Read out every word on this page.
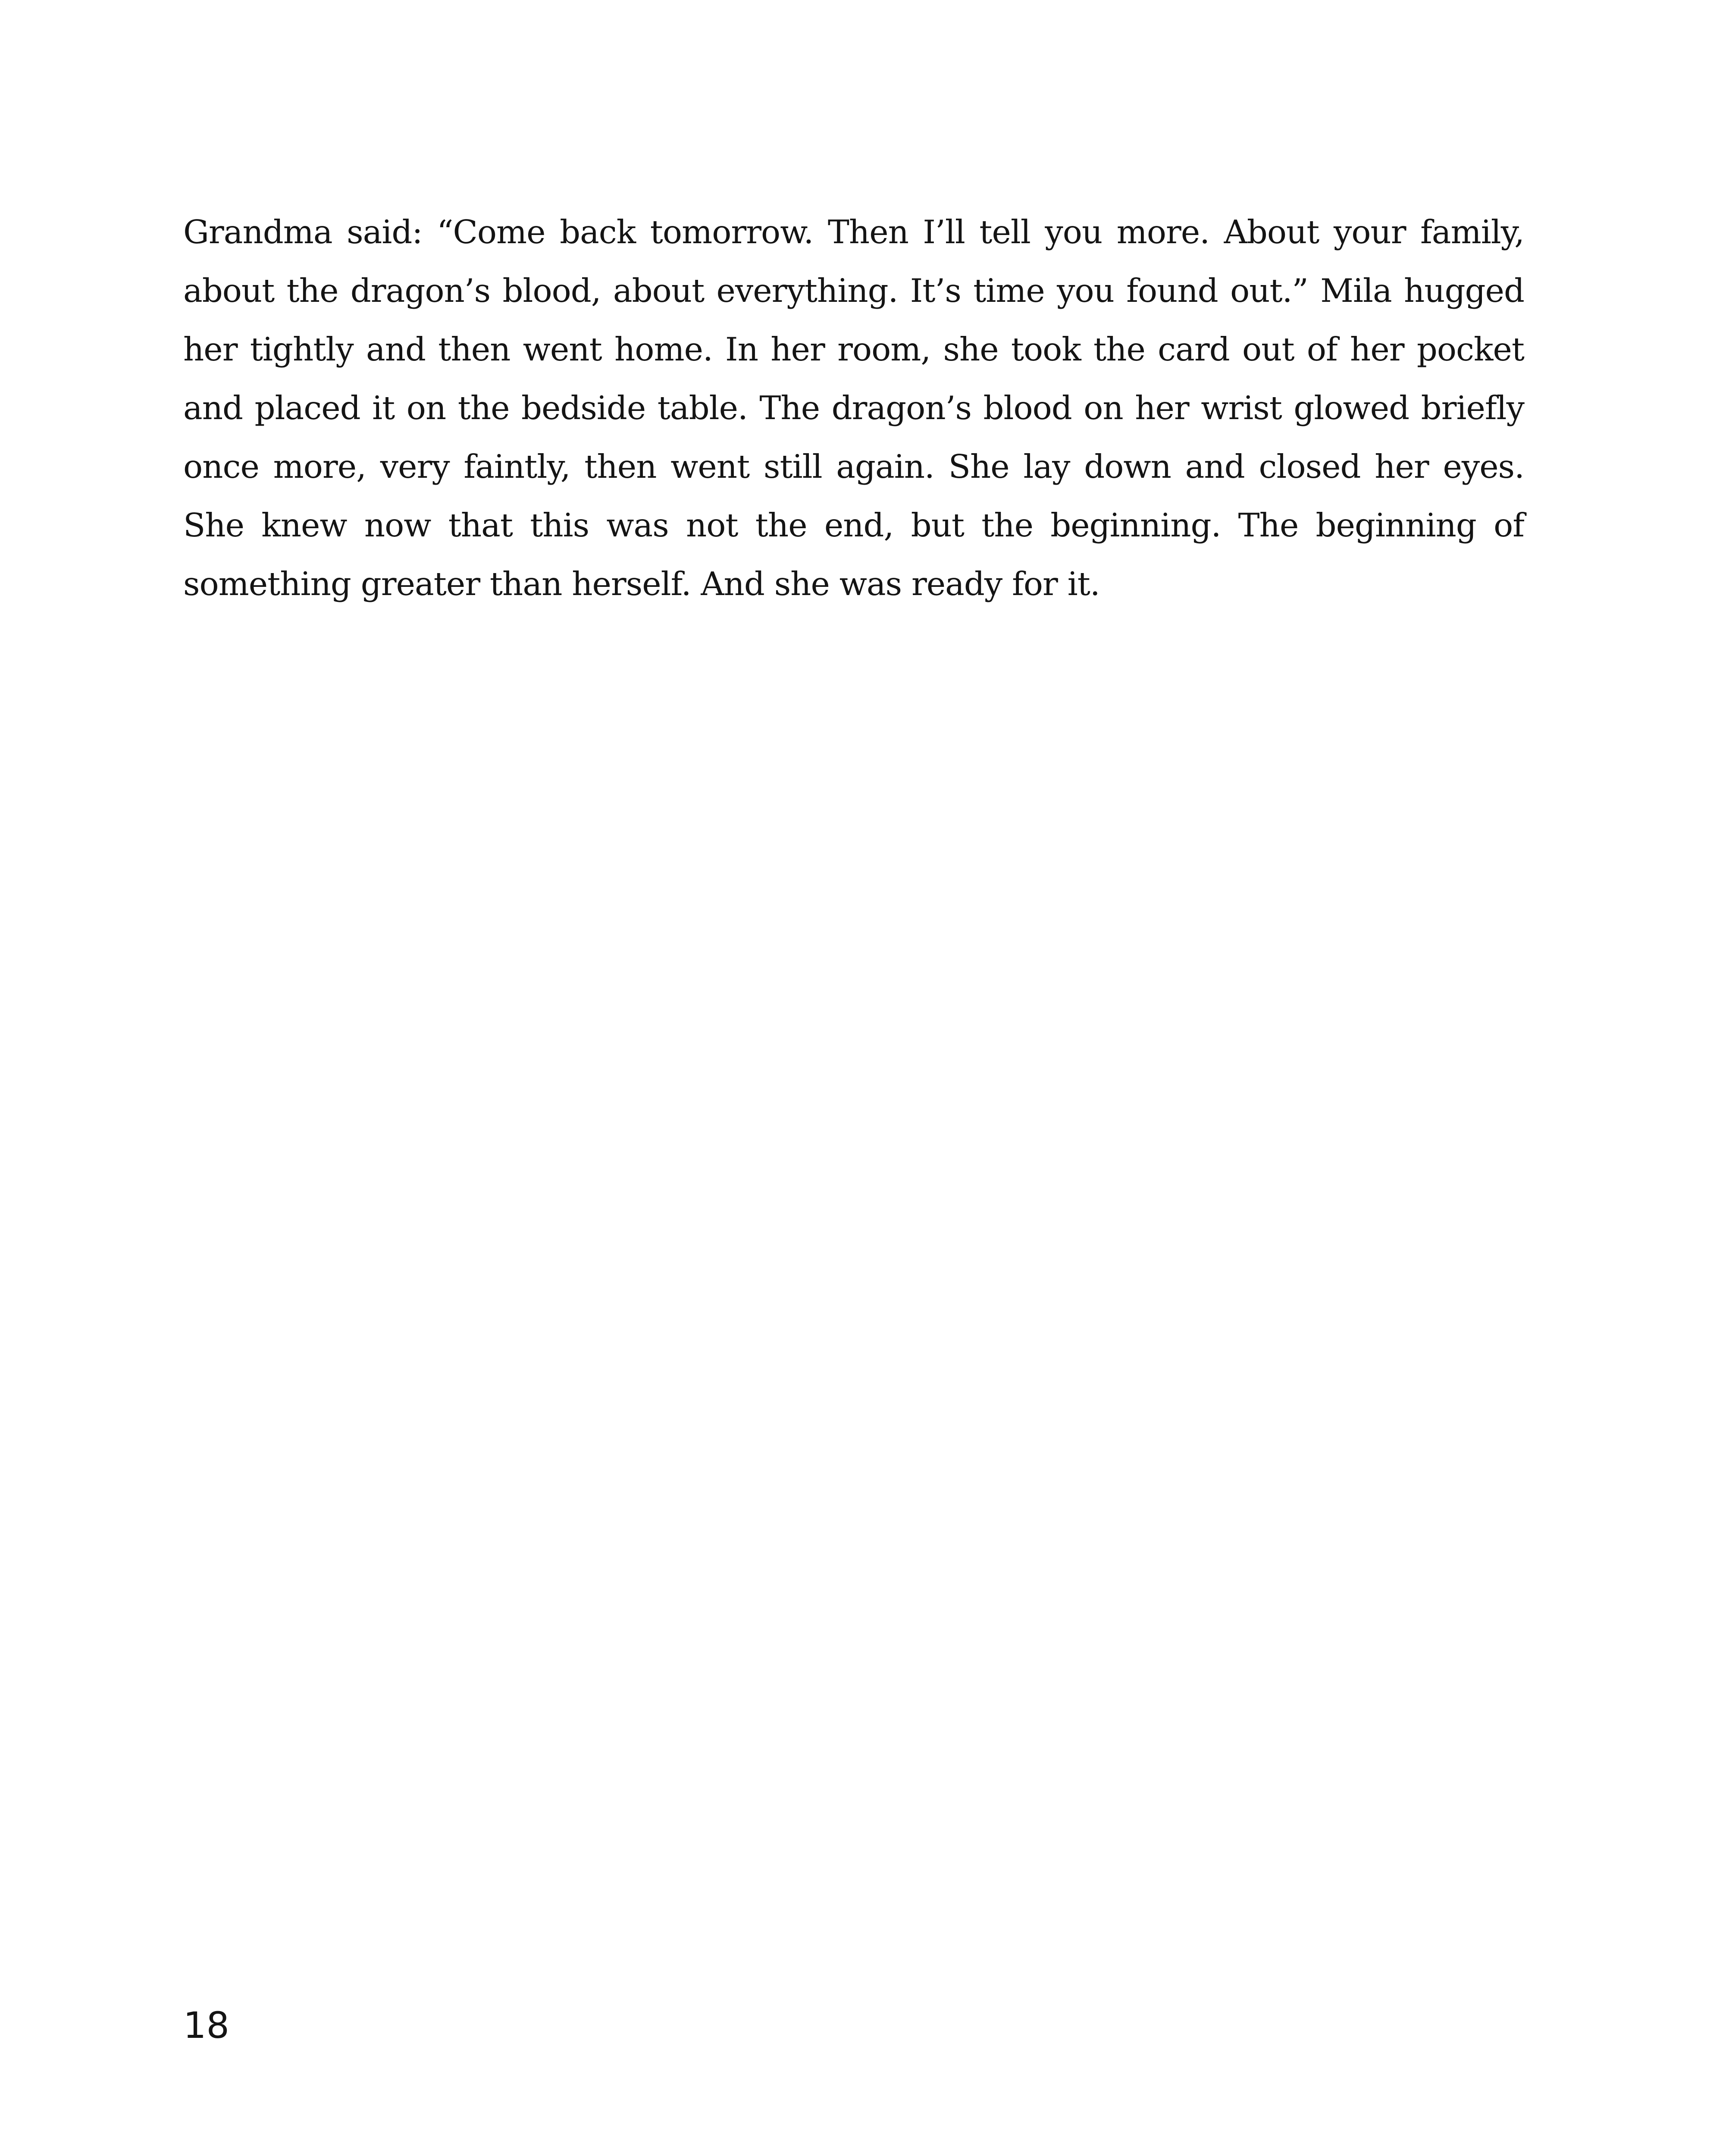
Grandma said: “Come back tomorrow. Then I’ll tell you more. About your family, about the dragon’s blood, about everything. It’s time you found out.” Mila hugged her tightly and then went home. In her room, she took the card out of her pocket and placed it on the bedside table. The dragon’s blood on her wrist glowed briefly once more, very faintly, then went still again. She lay down and closed her eyes. She knew now that this was not the end, but the beginning. The beginning of something greater than herself. And she was ready for it.

18
